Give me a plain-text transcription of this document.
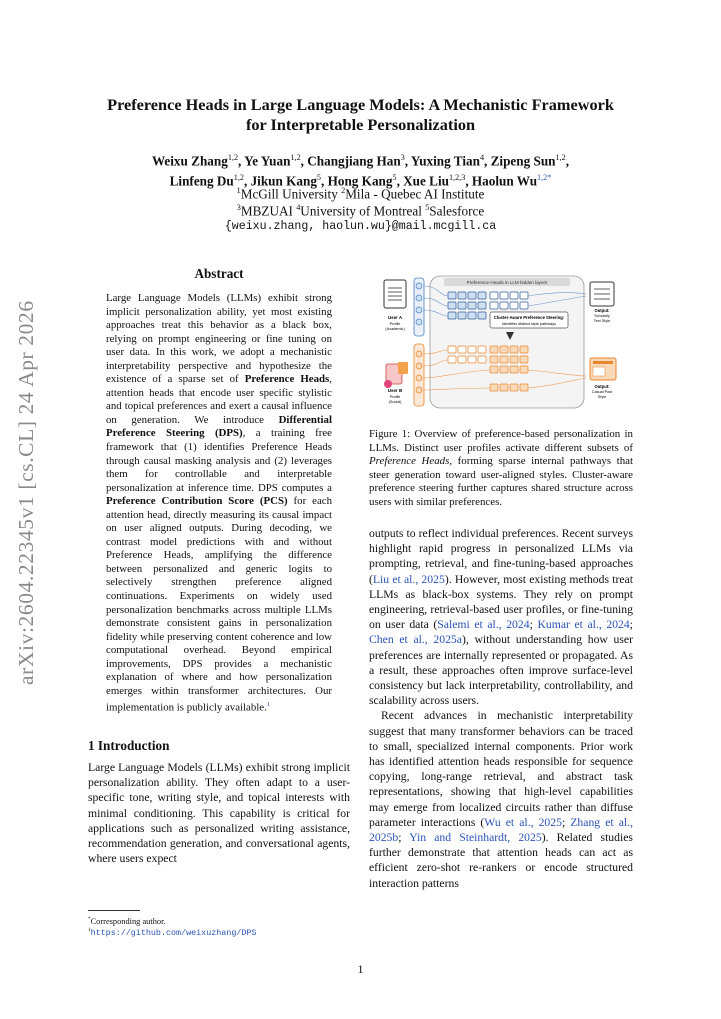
Preference Heads in Large Language Models: A Mechanistic Framework
for Interpretable Personalization
Weixu Zhang$^{1,2}$, Ye Yuan$^{1,2}$, Changjiang Han$^3$, Yuxing Tian$^4$, Zipeng Sun$^{1,2}$,
Linfeng Du$^{1,2}$, Jikun Kang$^5$, Hong Kang$^5$, Xue Liu$^{1,2,3}$, Haolun $Wu^{1,2*}$
$^1$McGill University $^2$Mila - Quebec AI Institute
$^3$MBZUAI $^4$University of Montreal $^5$Salesforce
{weixu.zhang, haolun.wu}@mail.mcgill.ca
arXiv:2604.22345v1 [cs.CL] 24 Apr 2026
Abstract
Large Language Models (LLMs) exhibit strong implicit personalization ability, yet most existing approaches treat this behavior as a black box, relying on prompt engineering or fine tuning on user data. In this work, we adopt a mechanistic interpretability perspective and hypothesize the existence of a sparse set of Preference Heads, attention heads that encode user specific stylistic and topical preferences and exert a causal influence on generation. We introduce Differential Preference Steering (DPS), a training free framework that (1) identifies Preference Heads through causal masking analysis and (2) leverages them for controllable and interpretable personalization at inference time. DPS computes a Preference Contribution Score (PCS) for each attention head, directly measuring its causal impact on user aligned outputs. During decoding, we contrast model predictions with and without Preference Heads, amplifying the difference between personalized and generic logits to selectively strengthen preference aligned continuations. Experiments on widely used personalization benchmarks across multiple LLMs demonstrate consistent gains in personalization fidelity while preserving content coherence and low computational overhead. Beyond empirical improvements, DPS provides a mechanistic explanation of where and how personalization emerges within transformer architectures. Our implementation is publicly available.$^1$
1 Introduction
Large Language Models (LLMs) exhibit strong implicit personalization ability. They often adapt to a user-specific tone, writing style, and topical interests with minimal conditioning. This capability is critical for applications such as personalized writing assistance, recommendation generation, and conversational agents, where users expect
*Corresponding author.
$^1$https://github.com/weixuzhang/DPS
User A
Profile
(Academic)
User B
Profile
(Social)
Preference Heads in LLM hidden layers
Cluster-Aware Preference Steering:
Identifies distinct style pathways
Output:
Scholarly
Text Style
Output:
Casual Post
Style
Figure 1: Overview of preference-based personalization in LLMs. Distinct user profiles activate different subsets of Preference Heads, forming sparse internal pathways that steer generation toward user-aligned styles. Cluster-aware preference steering further captures shared structure across users with similar preferences.

outputs to reflect individual preferences. Recent surveys highlight rapid progress in personalized LLMs via prompting, retrieval, and fine-tuning-based approaches (Liu et al., 2025). However, most existing methods treat LLMs as black-box systems. They rely on prompt engineering, retrieval-based user profiles, or fine-tuning on user data (Salemi et al., 2024; Kumar et al., 2024; Chen et al., 2025a), without understanding how user preferences are internally represented or propagated. As a result, these approaches often improve surface-level consistency but lack interpretability, controllability, and scalability across users.

Recent advances in mechanistic interpretability suggest that many transformer behaviors can be traced to small, specialized internal components. Prior work has identified attention heads responsible for sequence copying, long-range retrieval, and abstract task representations, showing that high-level capabilities may emerge from localized circuits rather than diffuse parameter interactions (Wu et al., 2025; Zhang et al., 2025b; Yin and Steinhardt, 2025). Related studies further demonstrate that attention heads can act as efficient zero-shot re-rankers or encode structured interaction patterns

1
